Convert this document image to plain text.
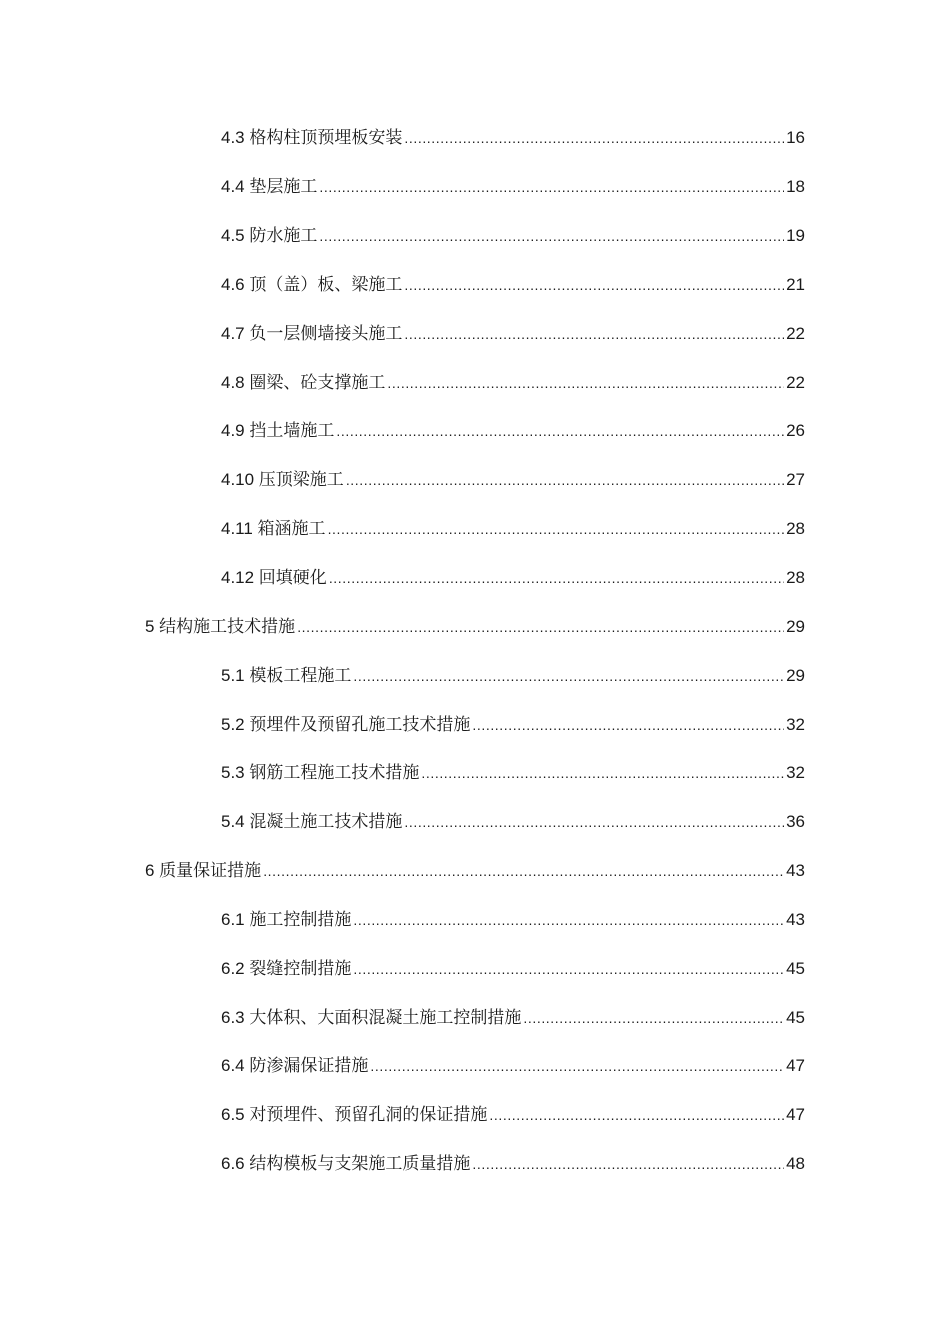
4.3 格构柱顶预埋板安装 .....	16
4.4 垫层施工 .....	18
4.5 防水施工 .....	19
4.6 顶（盖）板、梁施工 .....	21
4.7 负一层侧墙接头施工 .....	22
4.8 圈梁、砼支撑施工 .....	22
4.9 挡土墙施工 .....	26
4.10 压顶梁施工 .....	27
4.11 箱涵施工 .....	28
4.12 回填硬化 .....	28
5 结构施工技术措施 .....	29
5.1 模板工程施工 .....	29
5.2 预埋件及预留孔施工技术措施 .....	32
5.3 钢筋工程施工技术措施 .....	32
5.4 混凝土施工技术措施 .....	36
6 质量保证措施 .....	43
6.1 施工控制措施 .....	43
6.2 裂缝控制措施 .....	45
6.3 大体积、大面积混凝土施工控制措施 .....	45
6.4 防渗漏保证措施 .....	47
6.5 对预埋件、预留孔洞的保证措施 .....	47
6.6 结构模板与支架施工质量措施 .....	48
